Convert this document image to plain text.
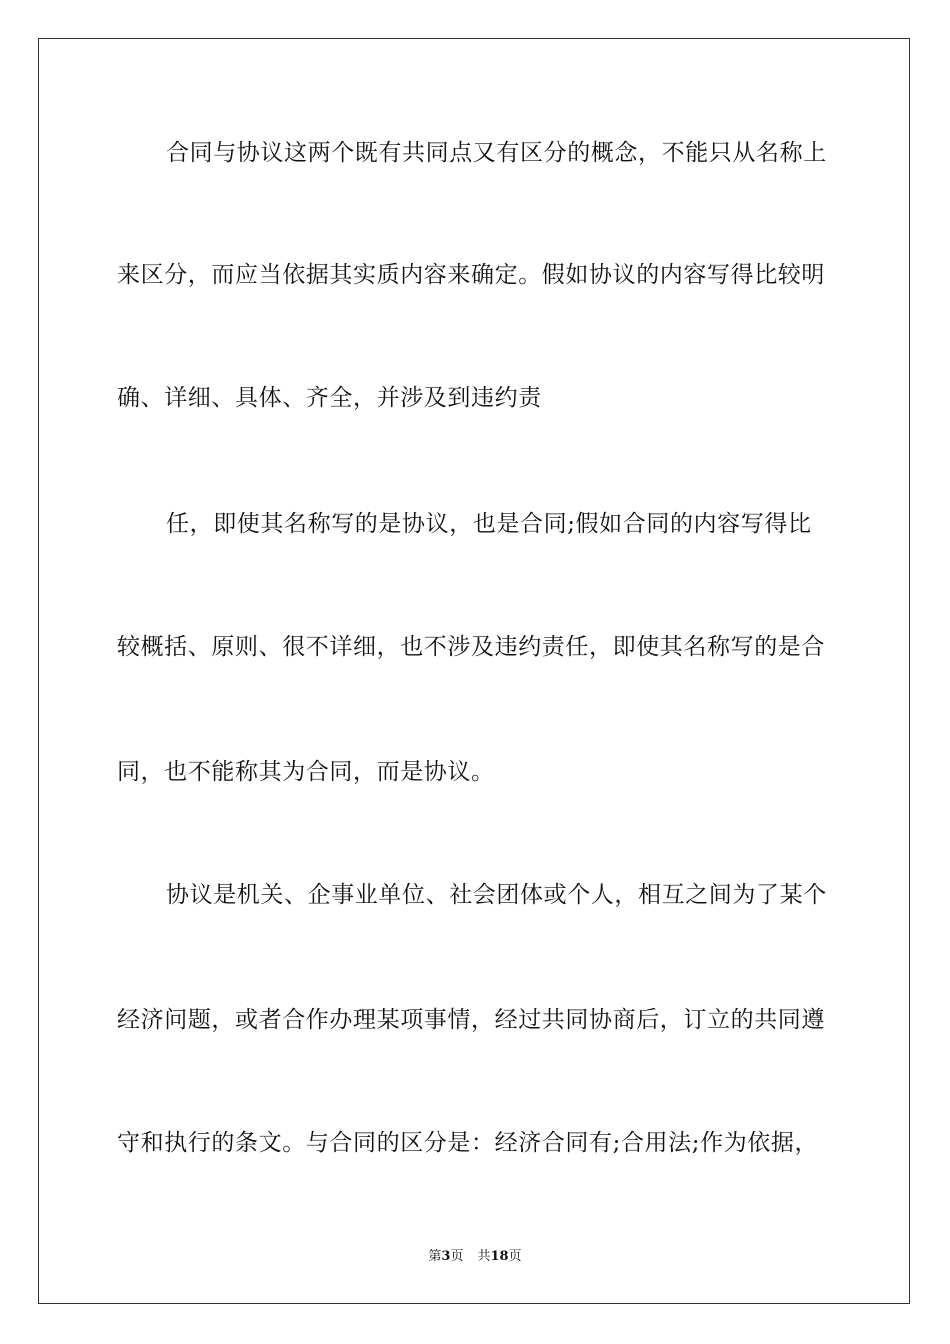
合同与协议这两个既有共同点又有区分的概念，不能只从名称上
来区分，而应当依据其实质内容来确定。假如协议的内容写得比较明
确、详细、具体、齐全，并涉及到违约责
任，即使其名称写的是协议，也是合同;假如合同的内容写得比
较概括、原则、很不详细，也不涉及违约责任，即使其名称写的是合
同，也不能称其为合同，而是协议。
协议是机关、企事业单位、社会团体或个人，相互之间为了某个
经济问题，或者合作办理某项事情，经过共同协商后，订立的共同遵
守和执行的条文。与合同的区分是：经济合同有;合用法;作为依据，
第3页 共18页
